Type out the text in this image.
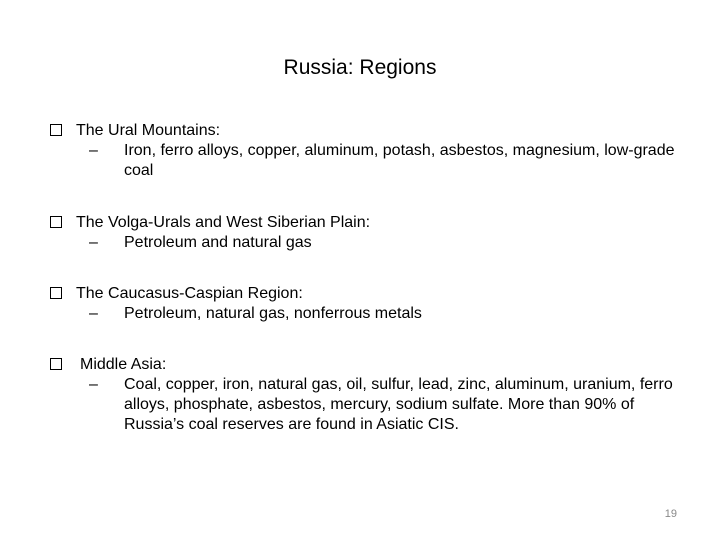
Russia: Regions
The Ural Mountains:
–	Iron, ferro alloys, copper, aluminum, potash, asbestos, magnesium, low-grade coal
The Volga-Urals and West Siberian Plain:
–	Petroleum and natural gas
The Caucasus-Caspian Region:
–	Petroleum, natural gas, nonferrous metals
Middle Asia:
–	Coal, copper, iron, natural gas, oil, sulfur, lead, zinc, aluminum, uranium, ferro alloys, phosphate, asbestos, mercury, sodium sulfate. More than 90% of Russia’s coal reserves are found in Asiatic CIS.
19
